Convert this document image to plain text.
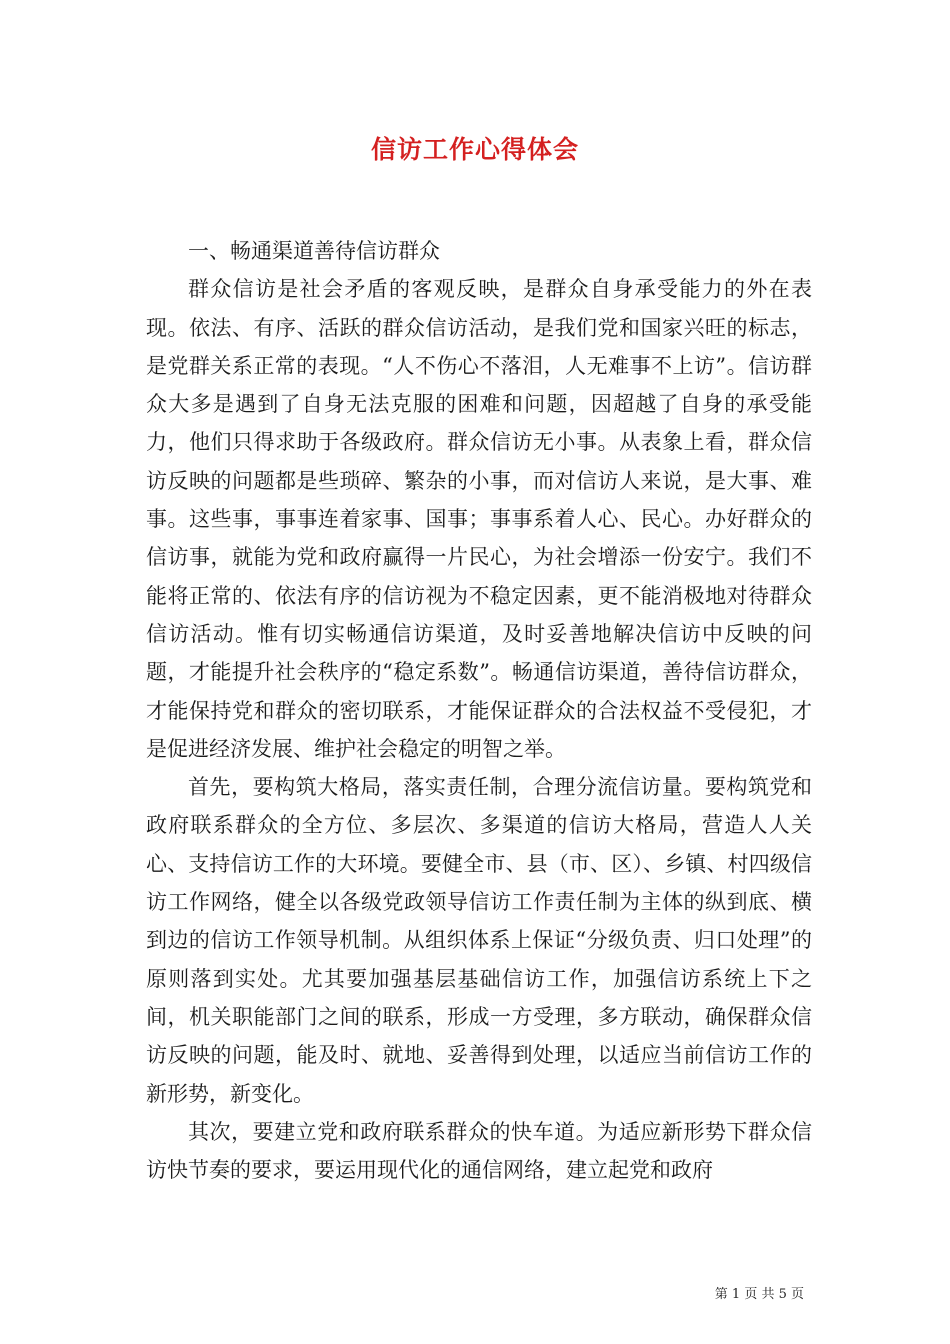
信访工作心得体会

一、畅通渠道善待信访群众

群众信访是社会矛盾的客观反映，是群众自身承受能力的外在表现。依法、有序、活跃的群众信访活动，是我们党和国家兴旺的标志，是党群关系正常的表现。“人不伤心不落泪，人无难事不上访”。信访群众大多是遇到了自身无法克服的困难和问题，因超越了自身的承受能力，他们只得求助于各级政府。群众信访无小事。从表象上看，群众信访反映的问题都是些琐碎、繁杂的小事，而对信访人来说，是大事、难事。这些事，事事连着家事、国事；事事系着人心、民心。办好群众的信访事，就能为党和政府赢得一片民心，为社会增添一份安宁。我们不能将正常的、依法有序的信访视为不稳定因素，更不能消极地对待群众信访活动。惟有切实畅通信访渠道，及时妥善地解决信访中反映的问题，才能提升社会秩序的“稳定系数”。畅通信访渠道，善待信访群众，才能保持党和群众的密切联系，才能保证群众的合法权益不受侵犯，才是促进经济发展、维护社会稳定的明智之举。

首先，要构筑大格局，落实责任制，合理分流信访量。要构筑党和政府联系群众的全方位、多层次、多渠道的信访大格局，营造人人关心、支持信访工作的大环境。要健全市、县（市、区）、乡镇、村四级信访工作网络，健全以各级党政领导信访工作责任制为主体的纵到底、横到边的信访工作领导机制。从组织体系上保证“分级负责、归口处理”的原则落到实处。尤其要加强基层基础信访工作，加强信访系统上下之间，机关职能部门之间的联系，形成一方受理，多方联动，确保群众信访反映的问题，能及时、就地、妥善得到处理，以适应当前信访工作的新形势，新变化。

其次，要建立党和政府联系群众的快车道。为适应新形势下群众信访快节奏的要求，要运用现代化的通信网络，建立起党和政府

第 1 页 共 5 页
